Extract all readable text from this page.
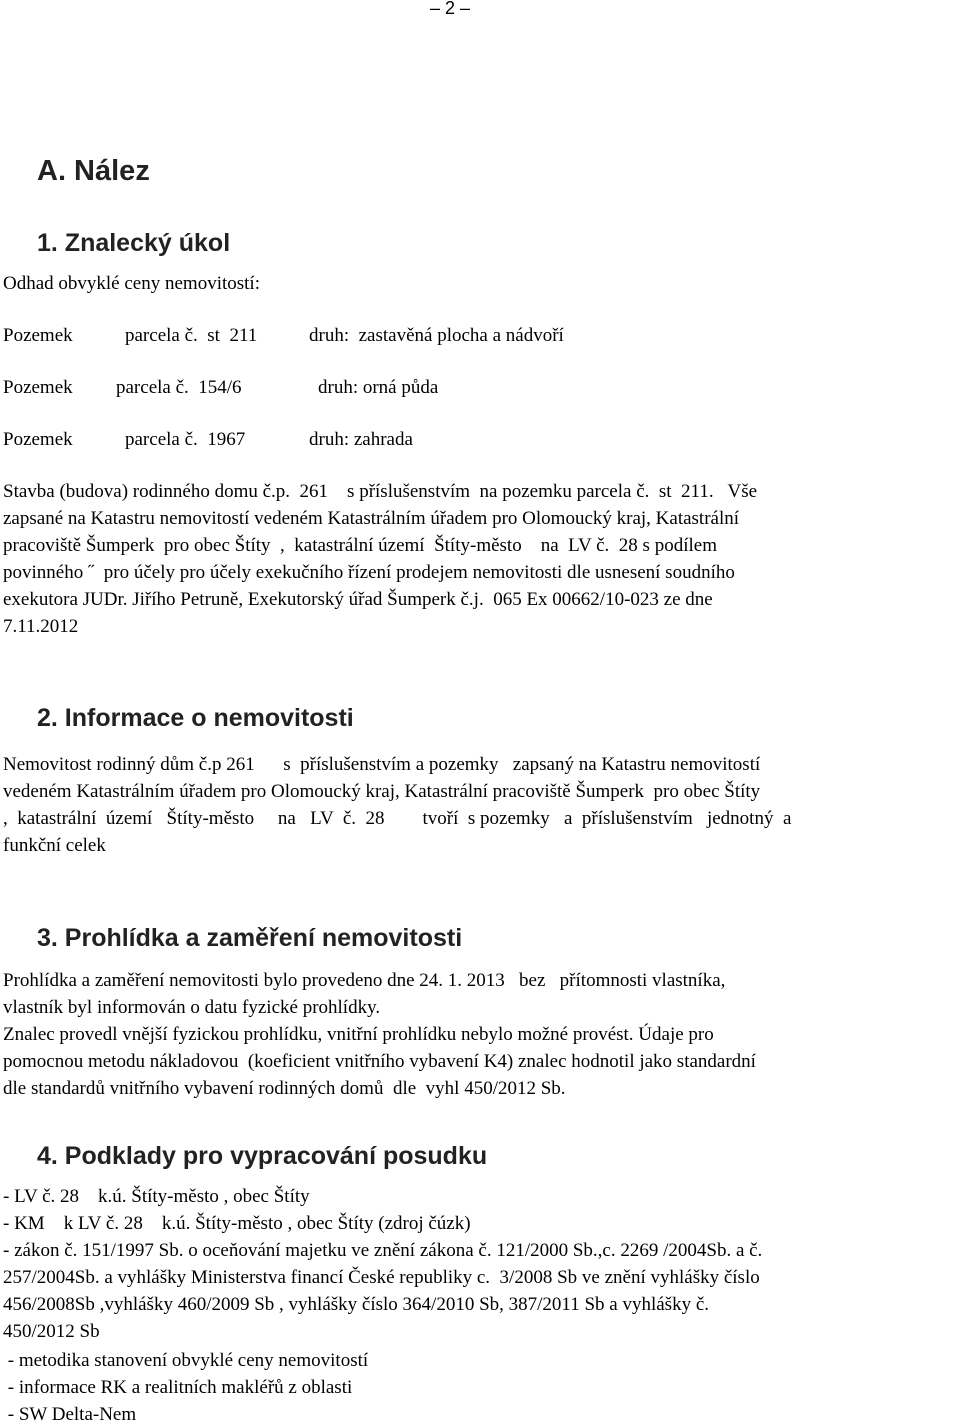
– 2 –
A. Nález
1. Znalecký úkol
Odhad obvyklé ceny nemovitostí:
Pozemek	parcela č.  st  211	druh:  zastavěná plocha a nádvoří
Pozemek parcela č.  154/6	druh: orná půda
Pozemek	parcela č.  1967	druh: zahrada
Stavba (budova) rodinného domu č.p.  261    s příslušenstvím  na pozemku parcela č.  st  211.   Vše
zapsané na Katastru nemovitostí vedeném Katastrálním úřadem pro Olomoucký kraj, Katastrální
pracoviště Šumperk  pro obec Štíty  ,  katastrální území  Štíty-město    na  LV č.  28 s podílem
povinného ˝  pro účely pro účely exekučního řízení prodejem nemovitosti dle usnesení soudního
exekutora JUDr. Jiřího Petruně, Exekutorský úřad Šumperk č.j.  065 Ex 00662/10-023 ze dne
7.11.2012
2. Informace o nemovitosti
Nemovitost rodinný dům č.p 261      s  příslušenstvím a pozemky   zapsaný na Katastru nemovitostí
vedeném Katastrálním úřadem pro Olomoucký kraj, Katastrální pracoviště Šumperk  pro obec Štíty
,  katastrální  území   Štíty-město     na   LV  č.  28        tvoří  s pozemky   a  příslušenstvím   jednotný  a
funkční celek
3. Prohlídka a zaměření nemovitosti
Prohlídka a zaměření nemovitosti bylo provedeno dne 24. 1. 2013   bez   přítomnosti vlastníka,
vlastník byl informován o datu fyzické prohlídky.
Znalec provedl vnější fyzickou prohlídku, vnitřní prohlídku nebylo možné provést. Údaje pro
pomocnou metodu nákladovou  (koeficient vnitřního vybavení K4) znalec hodnotil jako standardní
dle standardů vnitřního vybavení rodinných domů  dle  vyhl 450/2012 Sb.
4. Podklady pro vypracování posudku
- LV č. 28    k.ú. Štíty-město , obec Štíty
- KM    k LV č. 28    k.ú. Štíty-město , obec Štíty (zdroj čúzk)
- zákon č. 151/1997 Sb. o oceňování majetku ve znění zákona č. 121/2000 Sb.,c. 2269 /2004Sb. a č.
257/2004Sb. a vyhlášky Ministerstva financí České republiky c.  3/2008 Sb ve znění vyhlášky číslo
456/2008Sb ,vyhlášky 460/2009 Sb , vyhlášky číslo 364/2010 Sb, 387/2011 Sb a vyhlášky č.
450/2012 Sb
- metodika stanovení obvyklé ceny nemovitostí
- informace RK a realitních makléřů z oblasti
- SW Delta-Nem
